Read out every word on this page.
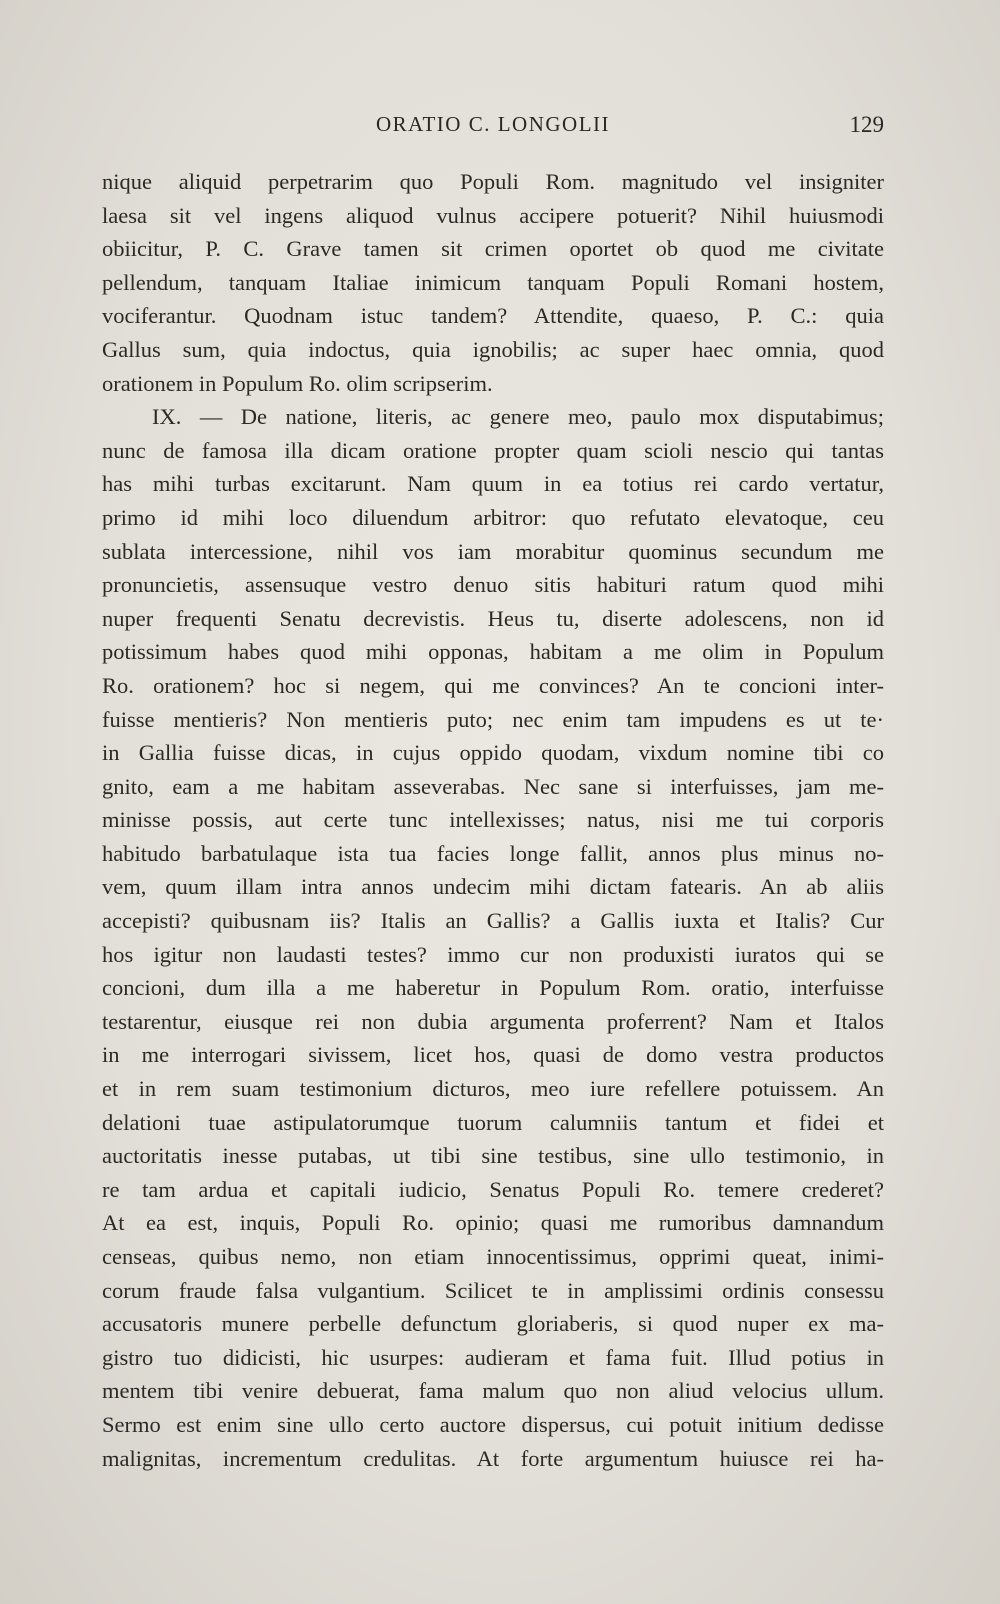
ORATIO C. LONGOLII	129
nique aliquid perpetrarim quo Populi Rom. magnitudo vel insigniter
laesa sit vel ingens aliquod vulnus accipere potuerit? Nihil huiusmodi
obiicitur, P. C. Grave tamen sit crimen oportet ob quod me civitate
pellendum, tanquam Italiae inimicum tanquam Populi Romani hostem,
vociferantur. Quodnam istuc tandem? Attendite, quaeso, P. C.: quia
Gallus sum, quia indoctus, quia ignobilis; ac super haec omnia, quod
orationem in Populum Ro. olim scripserim.
IX. — De natione, literis, ac genere meo, paulo mox disputabimus;
nunc de famosa illa dicam oratione propter quam scioli nescio qui tantas
has mihi turbas excitarunt. Nam quum in ea totius rei cardo vertatur,
primo id mihi loco diluendum arbitror: quo refutato elevatoque, ceu
sublata intercessione, nihil vos iam morabitur quominus secundum me
pronuncietis, assensuque vestro denuo sitis habituri ratum quod mihi
nuper frequenti Senatu decrevistis. Heus tu, diserte adolescens, non id
potissimum habes quod mihi opponas, habitam a me olim in Populum
Ro. orationem? hoc si negem, qui me convinces? An te concioni inter-
fuisse mentieris? Non mentieris puto; nec enim tam impudens es ut te·
in Gallia fuisse dicas, in cujus oppido quodam, vixdum nomine tibi co
gnito, eam a me habitam asseverabas. Nec sane si interfuisses, jam me-
minisse possis, aut certe tunc intellexisses; natus, nisi me tui corporis
habitudo barbatulaque ista tua facies longe fallit, annos plus minus no-
vem, quum illam intra annos undecim mihi dictam fatearis. An ab aliis
accepisti? quibusnam iis? Italis an Gallis? a Gallis iuxta et Italis? Cur
hos igitur non laudasti testes? immo cur non produxisti iuratos qui se
concioni, dum illa a me haberetur in Populum Rom. oratio, interfuisse
testarentur, eiusque rei non dubia argumenta proferrent? Nam et Italos
in me interrogari sivissem, licet hos, quasi de domo vestra productos
et in rem suam testimonium dicturos, meo iure refellere potuissem. An
delationi tuae astipulatorumque tuorum calumniis tantum et fidei et
auctoritatis inesse putabas, ut tibi sine testibus, sine ullo testimonio, in
re tam ardua et capitali iudicio, Senatus Populi Ro. temere crederet?
At ea est, inquis, Populi Ro. opinio; quasi me rumoribus damnandum
censeas, quibus nemo, non etiam innocentissimus, opprimi queat, inimi-
corum fraude falsa vulgantium. Scilicet te in amplissimi ordinis consessu
accusatoris munere perbelle defunctum gloriaberis, si quod nuper ex ma-
gistro tuo didicisti, hic usurpes: audieram et fama fuit. Illud potius in
mentem tibi venire debuerat, fama malum quo non aliud velocius ullum.
Sermo est enim sine ullo certo auctore dispersus, cui potuit initium dedisse
malignitas, incrementum credulitas. At forte argumentum huiusce rei ha-
